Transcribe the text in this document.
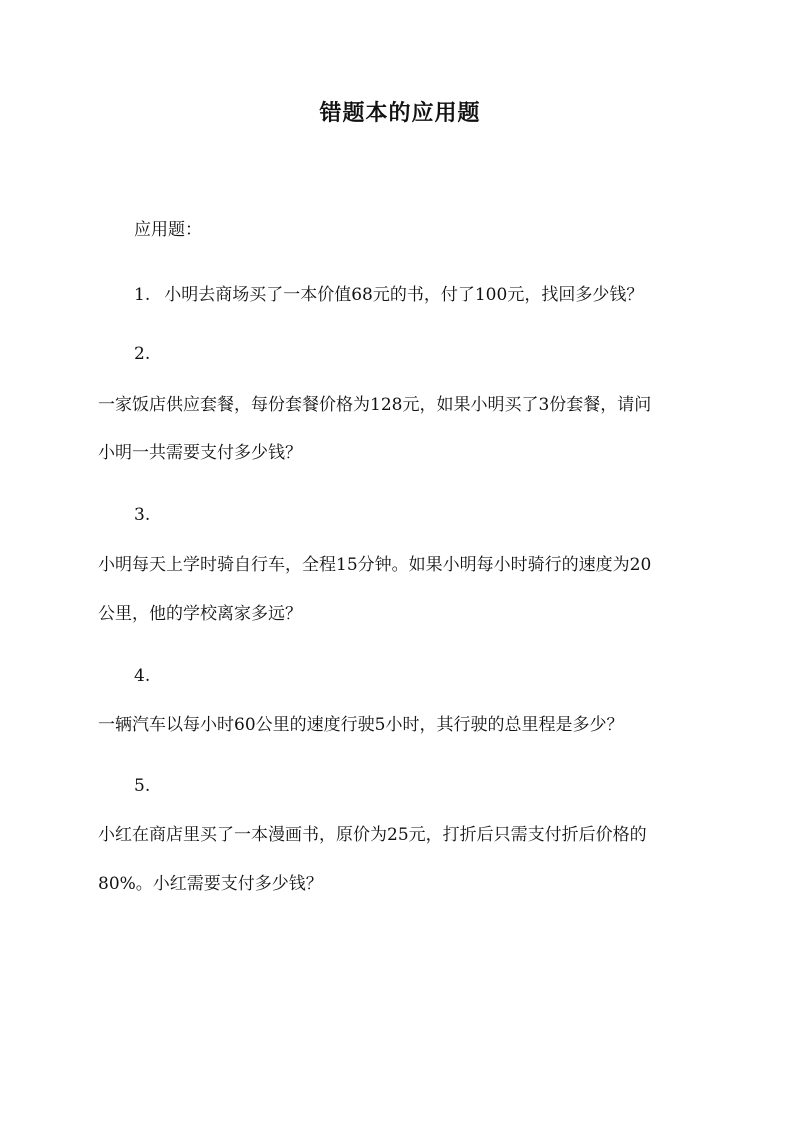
错题本的应用题
应用题：
1. 小明去商场买了一本价值68元的书，付了100元，找回多少钱？
2.
一家饭店供应套餐，每份套餐价格为128元，如果小明买了3份套餐，请问
小明一共需要支付多少钱？
3.
小明每天上学时骑自行车，全程15分钟。如果小明每小时骑行的速度为20
公里，他的学校离家多远？
4.
一辆汽车以每小时60公里的速度行驶5小时，其行驶的总里程是多少？
5.
小红在商店里买了一本漫画书，原价为25元，打折后只需支付折后价格的
80%。小红需要支付多少钱？
